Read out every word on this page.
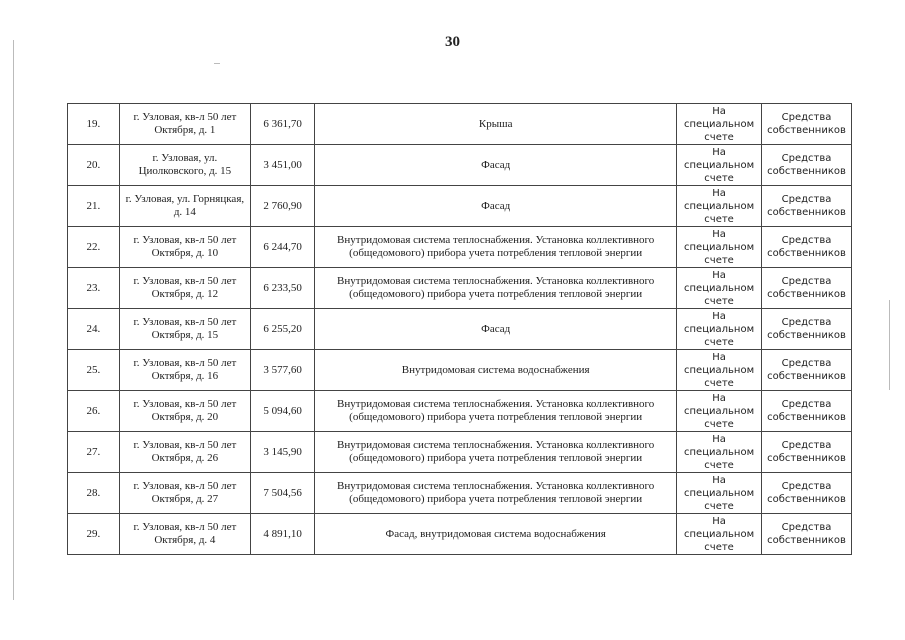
30
19.	г. Узловая, кв-л 50 лет Октября, д. 1	6 361,70	Крыша	На специальном счете	Средства собственников
20.	г. Узловая, ул. Циолковского, д. 15	3 451,00	Фасад	На специальном счете	Средства собственников
21.	г. Узловая, ул. Горняцкая, д. 14	2 760,90	Фасад	На специальном счете	Средства собственников
22.	г. Узловая, кв-л 50 лет Октября, д. 10	6 244,70	Внутридомовая система теплоснабжения. Установка коллективного (общедомового) прибора учета потребления тепловой энергии	На специальном счете	Средства собственников
23.	г. Узловая, кв-л 50 лет Октября, д. 12	6 233,50	Внутридомовая система теплоснабжения. Установка коллективного (общедомового) прибора учета потребления тепловой энергии	На специальном счете	Средства собственников
24.	г. Узловая, кв-л 50 лет Октября, д. 15	6 255,20	Фасад	На специальном счете	Средства собственников
25.	г. Узловая, кв-л 50 лет Октября, д. 16	3 577,60	Внутридомовая система водоснабжения	На специальном счете	Средства собственников
26.	г. Узловая, кв-л 50 лет Октября, д. 20	5 094,60	Внутридомовая система теплоснабжения. Установка коллективного (общедомового) прибора учета потребления тепловой энергии	На специальном счете	Средства собственников
27.	г. Узловая, кв-л 50 лет Октября, д. 26	3 145,90	Внутридомовая система теплоснабжения. Установка коллективного (общедомового) прибора учета потребления тепловой энергии	На специальном счете	Средства собственников
28.	г. Узловая, кв-л 50 лет Октября, д. 27	7 504,56	Внутридомовая система теплоснабжения. Установка коллективного (общедомового) прибора учета потребления тепловой энергии	На специальном счете	Средства собственников
29.	г. Узловая, кв-л 50 лет Октября, д. 4	4 891,10	Фасад, внутридомовая система водоснабжения	На специальном счете	Средства собственников
